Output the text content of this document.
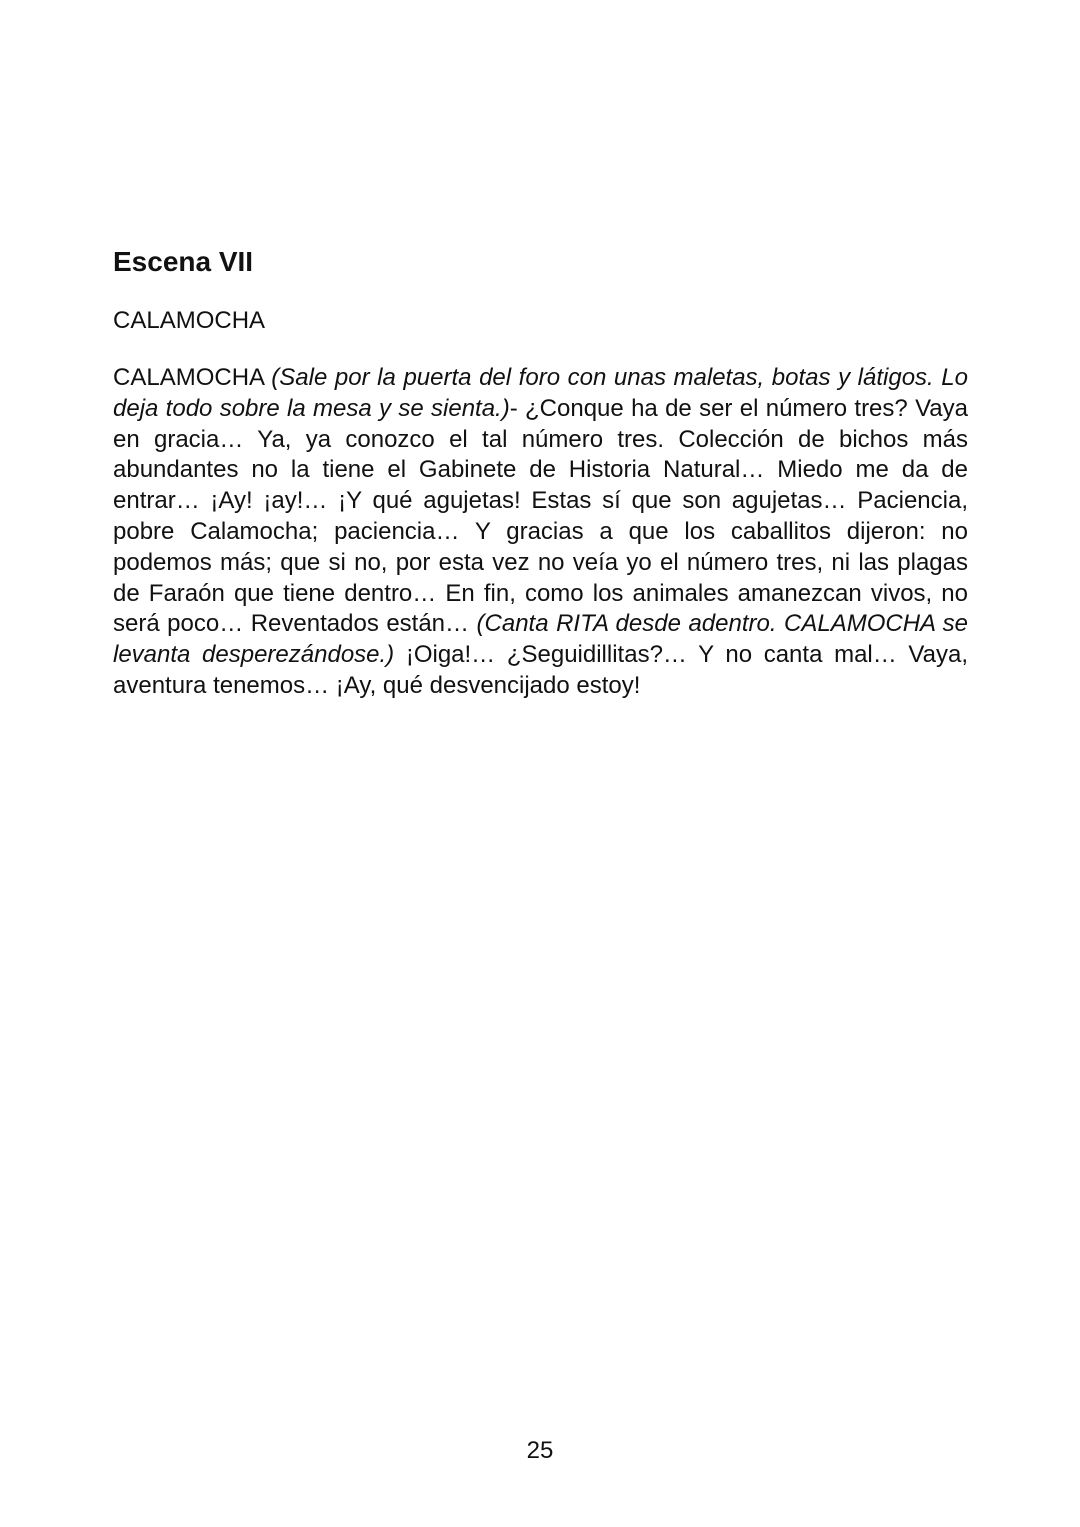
Escena VII

CALAMOCHA

CALAMOCHA (Sale por la puerta del foro con unas maletas, botas y látigos. Lo deja todo sobre la mesa y se sienta.)- ¿Conque ha de ser el número tres? Vaya en gracia… Ya, ya conozco el tal número tres. Colección de bichos más abundantes no la tiene el Gabinete de Historia Natural… Miedo me da de entrar… ¡Ay! ¡ay!… ¡Y qué agujetas! Estas sí que son agujetas… Paciencia, pobre Calamocha; paciencia… Y gracias a que los caballitos dijeron: no podemos más; que si no, por esta vez no veía yo el número tres, ni las plagas de Faraón que tiene dentro… En fin, como los animales amanezcan vivos, no será poco… Reventados están… (Canta RITA desde adentro. CALAMOCHA se levanta desperezándose.) ¡Oiga!… ¿Seguidillitas?… Y no canta mal… Vaya, aventura tenemos… ¡Ay, qué desvencijado estoy!

25
